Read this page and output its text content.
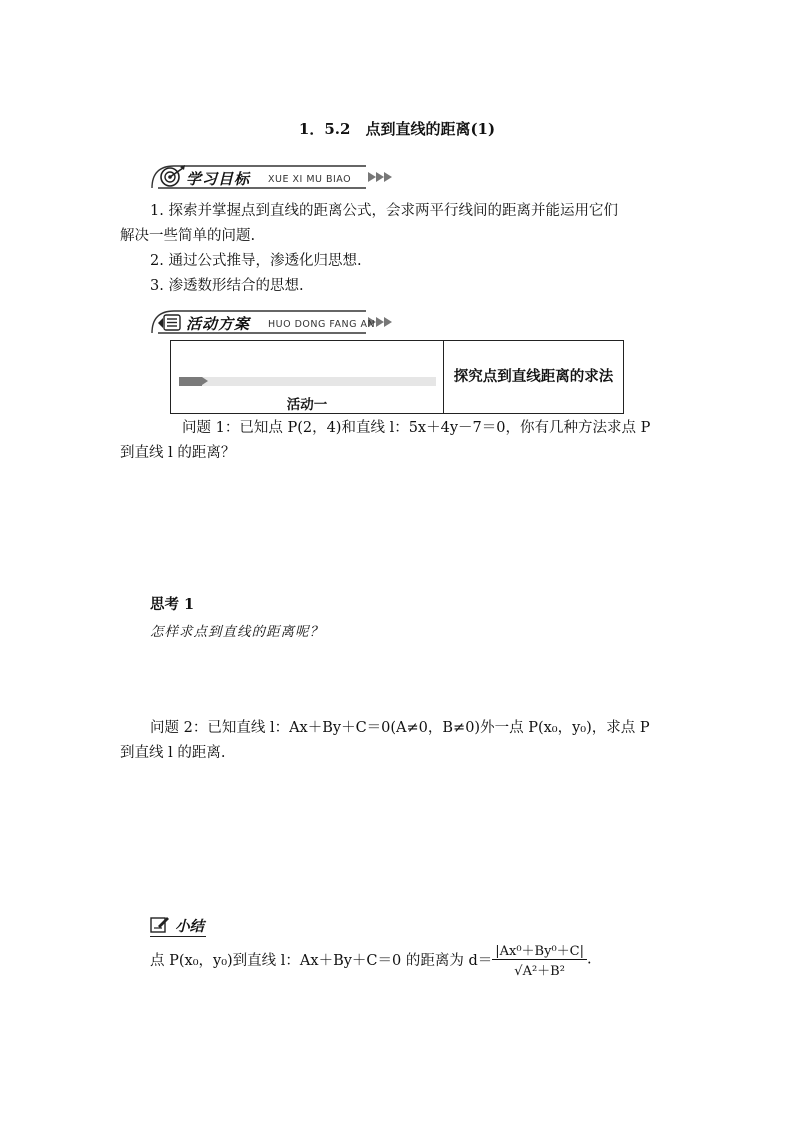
1．5.2　点到直线的距离(1)
学习目标 XUE XI MU BIAO
1. 探索并掌握点到直线的距离公式，会求两平行线间的距离并能运用它们
解决一些简单的问题.
2. 通过公式推导，渗透化归思想.
3. 渗透数形结合的思想.
活动方案 HUO DONG FANG AN
活动一
探究点到直线距离的求法
问题 1：已知点 P(2，4)和直线 l：5x＋4y－7＝0，你有几种方法求点 P
到直线 l 的距离？
思考 1
怎样求点到直线的距离呢？
问题 2：已知直线 l：Ax＋By＋C＝0(A≠0，B≠0)外一点 P(x₀，y₀)，求点 P
到直线 l 的距离.
小结
点 P(x₀，y₀)到直线 l：Ax＋By＋C＝0 的距离为 $d= \frac{\text{|Ax⁰＋By⁰＋C|}}{\text{√A²＋B²}}$ .
